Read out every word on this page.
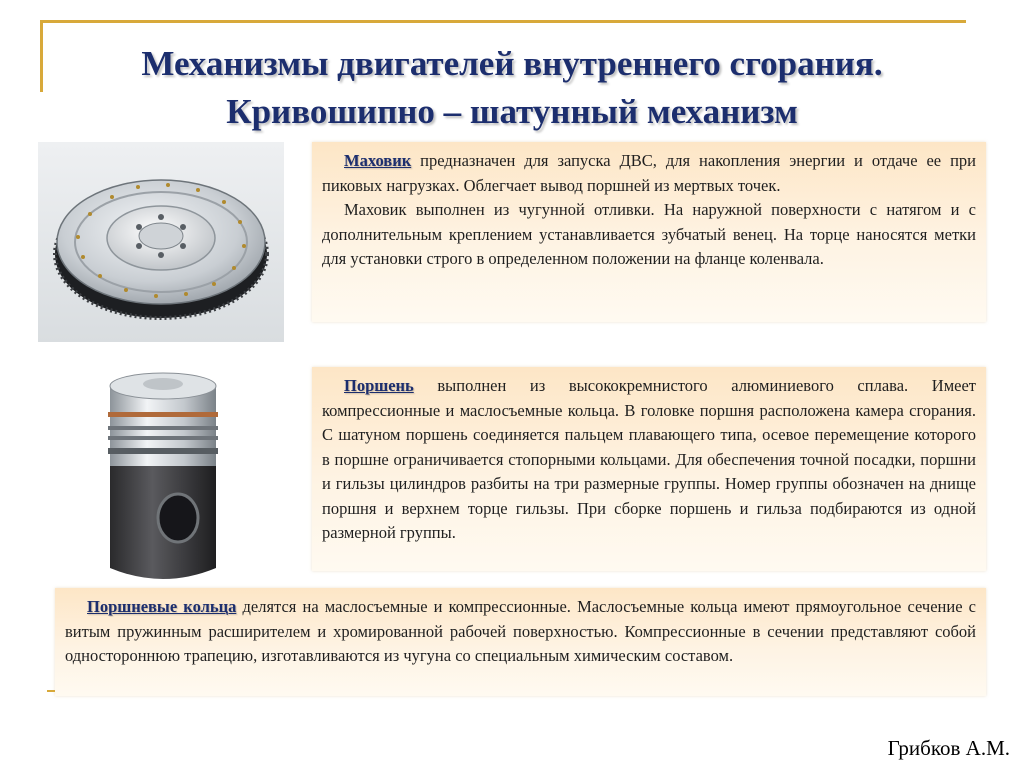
Механизмы двигателей внутреннего сгорания.
Кривошипно – шатунный механизм

Маховик предназначен для запуска ДВС, для накопления энергии и отдаче ее при пиковых нагрузках. Облегчает вывод поршней из мертвых точек.

Маховик выполнен из чугунной отливки. На наружной поверхности с натягом и с дополнительным креплением устанавливается зубчатый венец. На торце наносятся метки для установки строго в определенном положении на фланце коленвала.

Поршень выполнен из высококремнистого алюминиевого сплава. Имеет компрессионные и маслосъемные кольца. В головке поршня расположена камера сгорания. С шатуном поршень соединяется пальцем плавающего типа, осевое перемещение которого в поршне ограничивается стопорными кольцами. Для обеспечения точной посадки, поршни и гильзы цилиндров разбиты на три размерные группы. Номер группы обозначен на днище поршня и верхнем торце гильзы. При сборке поршень и гильза подбираются из одной размерной группы.

Поршневые кольца делятся на маслосъемные и компрессионные. Маслосъемные кольца имеют прямоугольное сечение с витым пружинным расширителем и хромированной рабочей поверхностью. Компрессионные в сечении представляют собой одностороннюю трапецию, изготавливаются из чугуна со специальным химическим составом.

Грибков А.М.
